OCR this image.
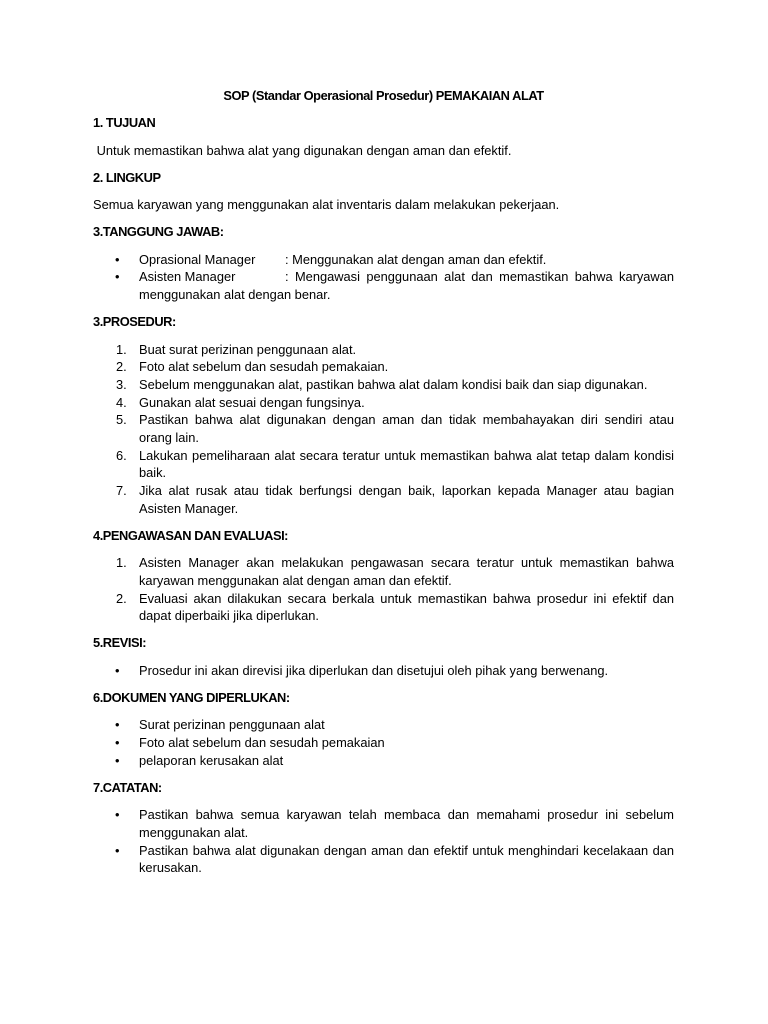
SOP (Standar Operasional Prosedur) PEMAKAIAN ALAT

1. TUJUAN

Untuk memastikan bahwa alat yang digunakan dengan aman dan efektif.

2. LINGKUP

Semua karyawan yang menggunakan alat inventaris dalam melakukan pekerjaan.

3.TANGGUNG JAWAB:

• Oprasional Manager : Menggunakan alat dengan aman dan efektif.
• Asisten Manager	: Mengawasi penggunaan alat dan memastikan bahwa karyawan menggunakan alat dengan benar.

3.PROSEDUR:

1. Buat surat perizinan penggunaan alat.
2. Foto alat sebelum dan sesudah pemakaian.
3. Sebelum menggunakan alat, pastikan bahwa alat dalam kondisi baik dan siap digunakan.
4. Gunakan alat sesuai dengan fungsinya.
5. Pastikan bahwa alat digunakan dengan aman dan tidak membahayakan diri sendiri atau orang lain.
6. Lakukan pemeliharaan alat secara teratur untuk memastikan bahwa alat tetap dalam kondisi baik.
7. Jika alat rusak atau tidak berfungsi dengan baik, laporkan kepada Manager atau bagian Asisten Manager.

4.PENGAWASAN DAN EVALUASI:

1. Asisten Manager akan melakukan pengawasan secara teratur untuk memastikan bahwa karyawan menggunakan alat dengan aman dan efektif.
2. Evaluasi akan dilakukan secara berkala untuk memastikan bahwa prosedur ini efektif dan dapat diperbaiki jika diperlukan.

5.REVISI:

• Prosedur ini akan direvisi jika diperlukan dan disetujui oleh pihak yang berwenang.

6.DOKUMEN YANG DIPERLUKAN:

• Surat perizinan penggunaan alat
• Foto alat sebelum dan sesudah pemakaian
• pelaporan kerusakan alat

7.CATATAN:

• Pastikan bahwa semua karyawan telah membaca dan memahami prosedur ini sebelum menggunakan alat.
• Pastikan bahwa alat digunakan dengan aman dan efektif untuk menghindari kecelakaan dan kerusakan.
